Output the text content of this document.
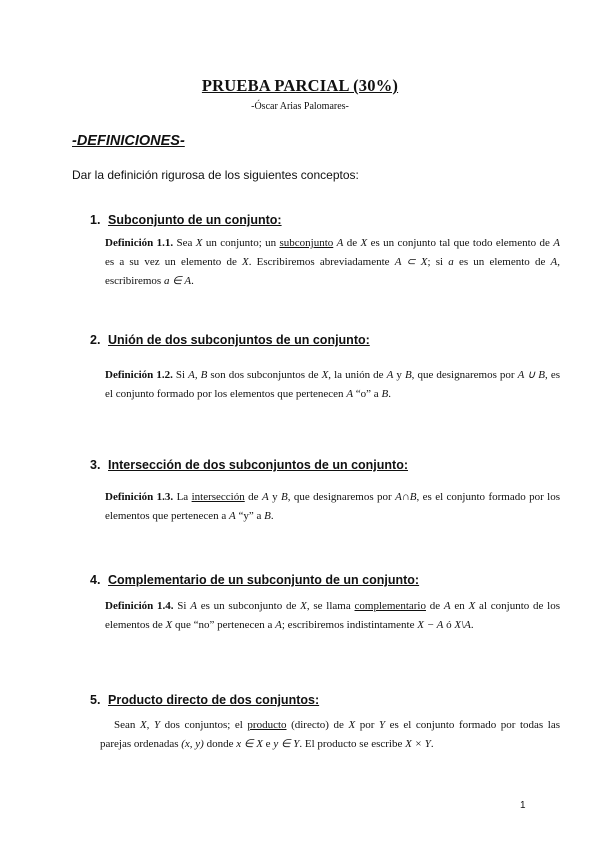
PRUEBA PARCIAL (30%)
-Óscar Arias Palomares-
-DEFINICIONES-
Dar la definición rigurosa de los siguientes conceptos:
1. Subconjunto de un conjunto:
Definición 1.1. Sea X un conjunto; un subconjunto A de X es un conjunto tal que todo elemento de A es a su vez un elemento de X. Escribiremos abreviadamente A ⊂ X; si a es un elemento de A, escribiremos a ∈ A.
2. Unión de dos subconjuntos de un conjunto:
Definición 1.2. Si A, B son dos subconjuntos de X, la unión de A y B, que designaremos por A ∪ B, es el conjunto formado por los elementos que pertenecen A “o” a B.
3. Intersección de dos subconjuntos de un conjunto:
Definición 1.3. La intersección de A y B, que designaremos por A∩B, es el conjunto formado por los elementos que pertenecen a A “y” a B.
4. Complementario de un subconjunto de un conjunto:
Definición 1.4. Si A es un subconjunto de X, se llama complementario de A en X al conjunto de los elementos de X que “no” pertenecen a A; escribiremos indistintamente X − A ó X\A.
5. Producto directo de dos conjuntos:
Sean X, Y dos conjuntos; el producto (directo) de X por Y es el conjunto formado por todas las parejas ordenadas (x, y) donde x ∈ X e y ∈ Y. El producto se escribe X × Y.
1
